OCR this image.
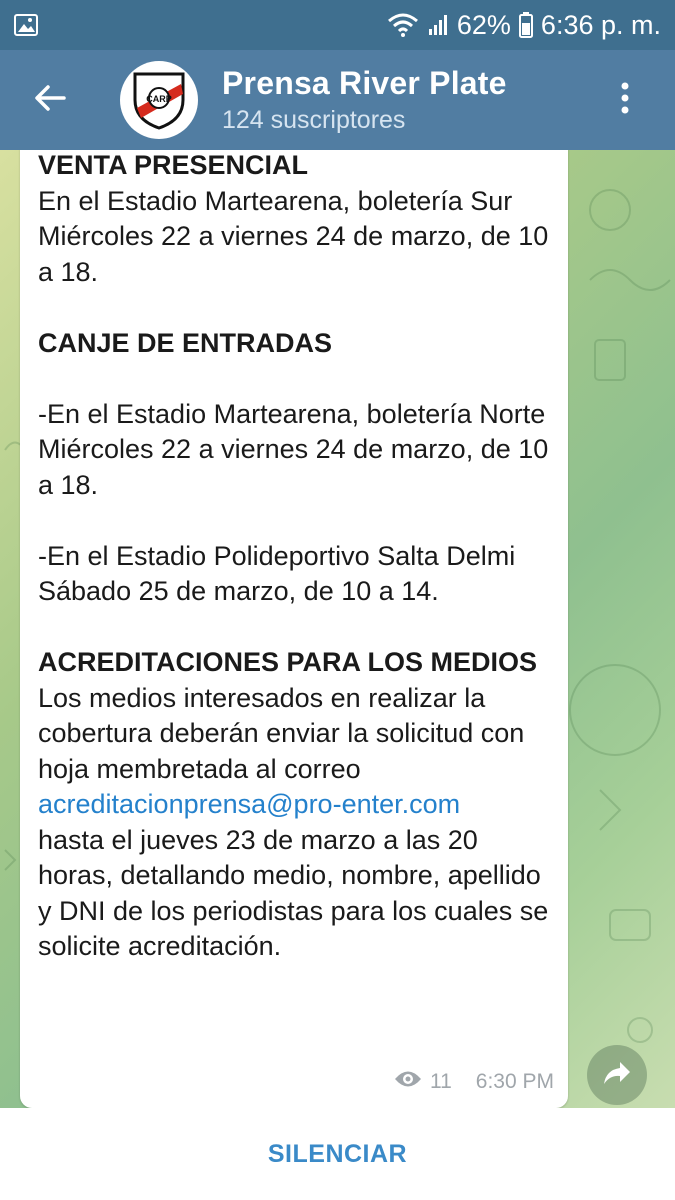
62% 6:36 p. m.
CARP Prensa River Plate
124 suscriptores
VENTA PRESENCIAL
En el Estadio Martearena, boletería Sur
Miércoles 22 a viernes 24 de marzo, de 10 a 18.

CANJE DE ENTRADAS

-En el Estadio Martearena, boletería Norte
Miércoles 22 a viernes 24 de marzo, de 10 a 18.

-En el Estadio Polideportivo Salta Delmi
Sábado 25 de marzo, de 10 a 14.

ACREDITACIONES PARA LOS MEDIOS
Los medios interesados en realizar la cobertura deberán enviar la solicitud con hoja membretada al correo
acreditacionprensa@pro-enter.com
hasta el jueves 23 de marzo a las 20 horas, detallando medio, nombre, apellido y DNI de los periodistas para los cuales se solicite acreditación.
11 6:30 PM
SILENCIAR
